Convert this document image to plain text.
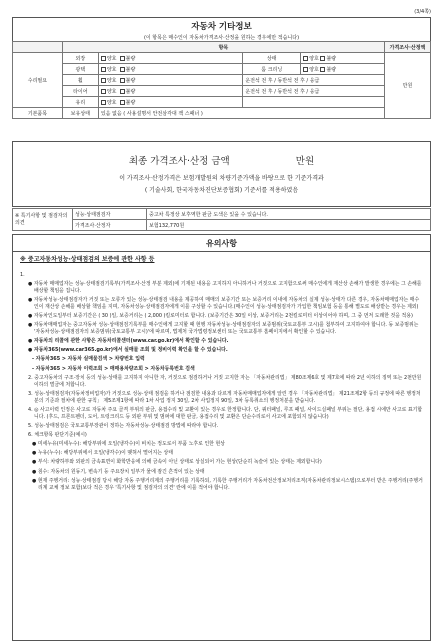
(3/4쪽)
자동차 기타정보
(이 항목은 매수인이 자동차가격조사·산정을 원하는 경우에만 적습니다)
	항목				가격조사·산정액
수리필요	외장	양호 불량	상태	양호 불량	만원
	광택	양호 불량	룸 크리닝	양호 불량	
	휠	양호 불량	운전석 전 후 / 동반석 전 후 / 응급		
	타이어	양호 불량	운전석 전 후 / 동반석 전 후 / 응급		
	유리	양호 불량			
기본품목	보유상태	있음 없음 ( 사용설명서 안전삼각대 잭 스패너 )			
최종 가격조사·산정 금액	만원
이 가격조사·산정가격은 보험개발원의 차량기준가액을 바탕으로 한 기준가격과
( 기술사회, 한국자동차진단보증협회) 기준서를 적용하였음
※ 특기사항 및 점검자의 의견	성능·상태점검자	중고차 특정상 보후역한 판금 도색은 있을 수 있습니다.
	가격조사·산정자	보험132,770원
유의사항
※ 중고자동차성능·상태점검의 보증에 관한 사항 등

1.

● 자동차 매매업자는 성능·상태점검기록부(가격조사·산정 부분 제외)에 기재된 내용을 고지하지 아니하거나 거짓으로 고지함으로써 매수인에게 재산상 손해가 발생한 경우에는 그 손해를 배상할 책임을 집니다.

● 자동차성능·상태점검자가 거짓 또는 오류가 있는 성능·상태점검 내용을 제공하여 매매의 보증기간 또는 보증거리 이내에 자동차의 실제 성능·상태가 다른 경우, 자동차매매업자는 매수인이 재산상 손해를 배상할 책임을 지며, 자동차성능·상태점검자에게 이를 구상할 수 있습니다.(매수인이 성능·상태점검자가 가입한 책임보험 등을 통해 별도로 배상받는 경우는 제외)

● 자동차인도일부터 보증기간은 ( 30 )일, 보증거리는 ( 2,000 )킬로미터로 합니다. (보증기간은 30일 이상, 보증거리는 2천킬로미터 이상이어야 하며, 그 중 먼저 도래한 것을 적용)

● 자동차매매업자는 중고자동차 성능·상태점검기록부를 매수인에게 고지할 때 현행 자동차성능·상태점검자의 보증범위(국토교통부 고시)를 첨부하여 고지하여야 합니다. 동 보증범위는 '자동차성능·상태점검자의 보증범위(국토교통부 고시)'에 따르며, 법제처 국가법령정보센터 또는 국토교통부 홈페이지에서 확인할 수 있습니다.

● 자동차의 리콜에 관한 사항은 자동차리콜센터(www.car.go.kr)에서 확인할 수 있습니다.

● 자동차365(www.car365.go.kr)에서 실매물 조회 및 정비이력 확인을 할 수 있습니다.

- 자동차365 > 자동차 실매물검색 > 차량번호 입력

- 자동차365 > 자동차 이력조회 > 매매용차량조회 > 자동차등록번호 검색

2. 중고자동차의 구조·장치 등의 성능·상태를 고지하지 아니한 자, 거짓으로 점검하거나 거짓 고지한 자는 「자동차관리법」 제80조제6호 및 제7호에 따라 2년 이하의 징역 또는 2천만원 이하의 벌금에 처합니다.

3. 성능·상태점검자(자동차정비업자)가 거짓으로 성능·상태 점검을 하거나 점검한 내용과 다르게 자동차매매업자에게 알린 경우 「자동차관리법」 제21조제2항 등의 규정에 따른 행정처분의 기준과 절차에 관한 규칙」 제5조제1항에 따라 1차 사업 정지 30일, 2차 사업정지 90일, 3차 등록취소의 행정처분을 받습니다.

4. ◎ 사고이력 인정은 사고로 자동차 주요 골격 부위의 판금, 용접수리 및 교환이 있는 경우로 한정합니다. 단, 쿼터패널, 루프 패널, 사이드실패널 부위는 절단, 용접 시에만 사고로 표기합니다. (후드, 프론트펜더, 도어, 트렁크리드 등 외판 부위 및 범퍼에 대한 판금, 용접수리 및 교환은 단순수리로서 사고에 포함되지 않습니다)

5. 성능·상태점검은 국토교통부장관이 정하는 자동차성능·상태점검 방법에 따라야 합니다.

6. 체크항목 판단기준(예시)

● 미세누유(미세누수): 해당부위에 오일(냉각수)이 비치는 정도로서 부품 노후로 인한 현상

● 누유(누수): 해당부위에서 오일(냉각수)이 맺혀서 떨어지는 상태

● 부식: 차량하부와 외판의 금속표면이 화학반응에 의해 금속이 아닌 상태로 상실되어 가는 현상(단순히 녹슬어 있는 상태는 제외합니다)

● 침수: 자동차의 원동기, 변속기 등 주요장치 일부가 물에 잠긴 흔적이 있는 상태

● 현재 주행거리: 성능·상태점검 당시 해당 자동 주행거리계의 주행거리를 기록하되, 기록한 주행거리가 자동차전산정보처리조직(자동차관리정보시스템)으로부터 받은 주행거리(주행거리계 교체 정보 포함)보다 적은 경우 '특기사항 및 점검자의 의견' 란에 이를 적어야 합니다.
